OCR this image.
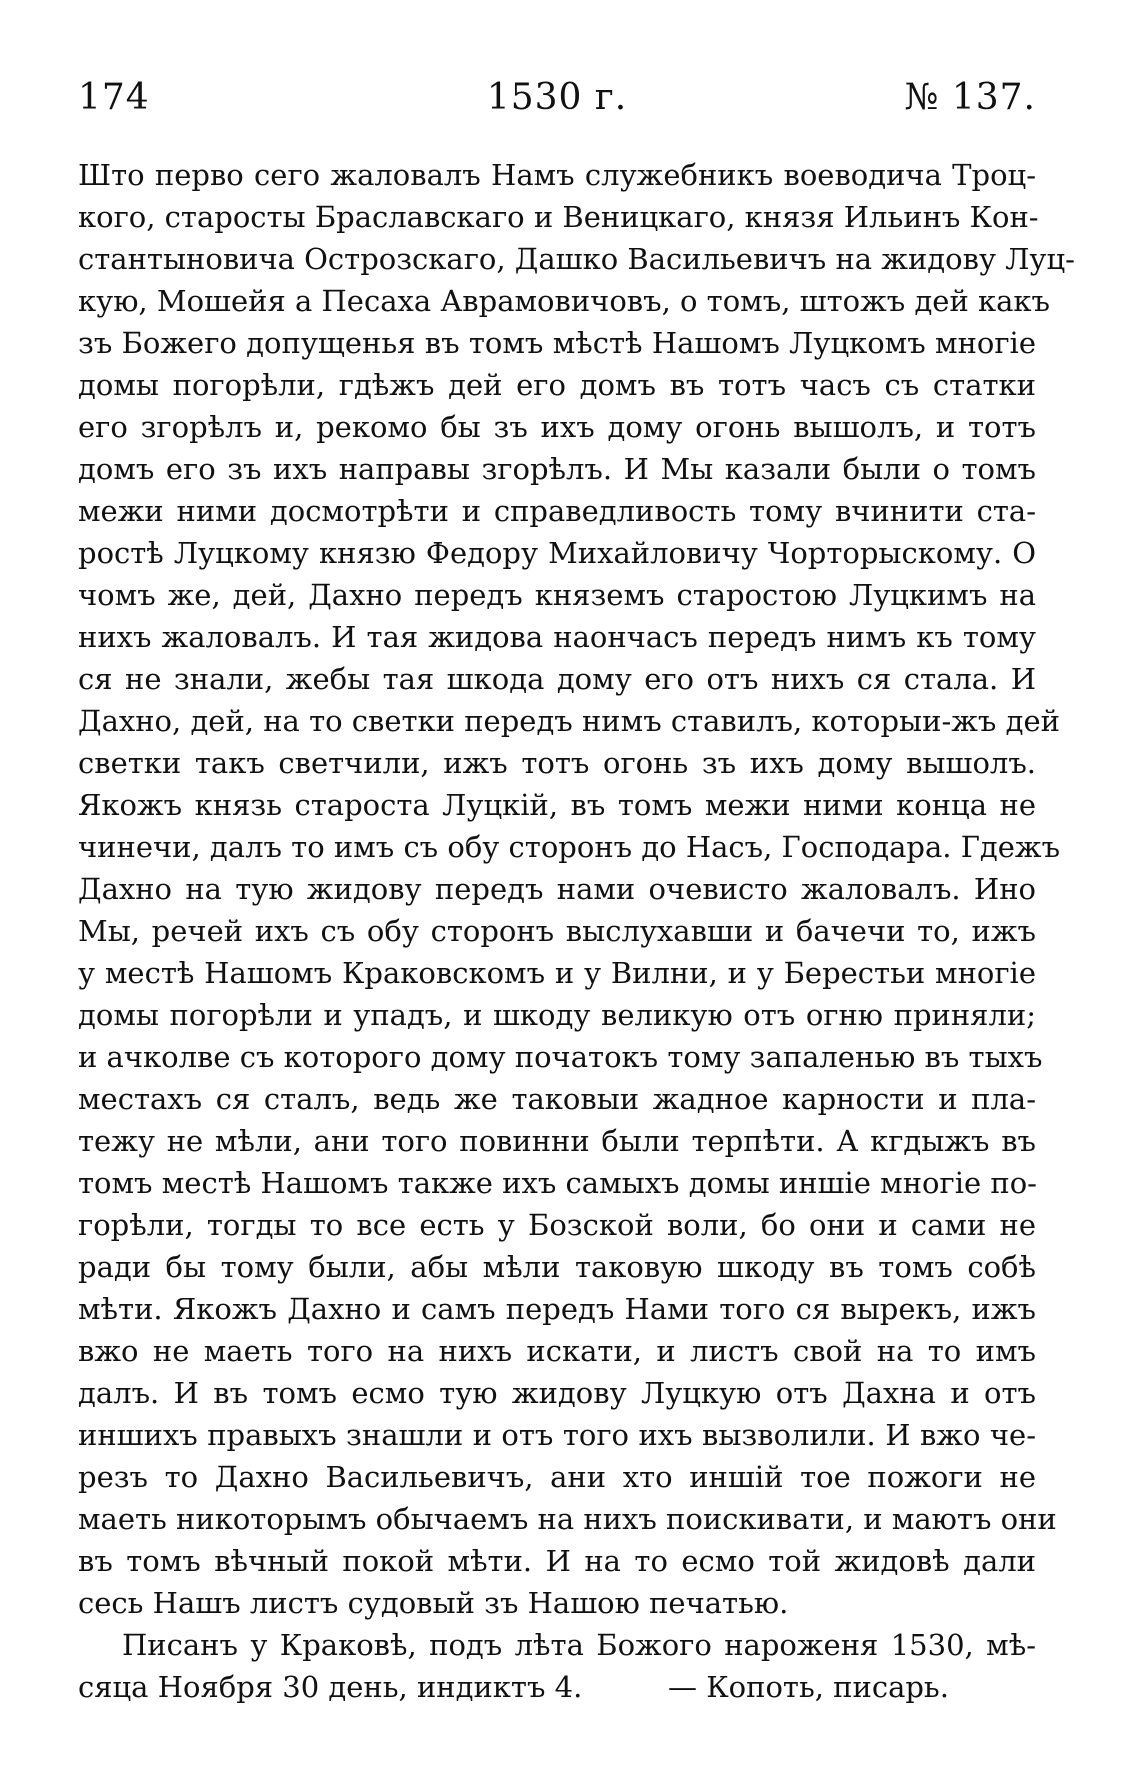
174	1530 г.	№ 137.
Што перво сего жаловалъ Намъ служебникъ воеводича Троц-
кого, старосты Браславскаго и Веницкаго, князя Ильинъ Кон-
стантыновича Острозскаго, Дашко Васильевичъ на жидову Луц-
кую, Мошейя а Песаха Аврамовичовъ, о томъ, штожъ дей какъ
зъ Божего допущенья въ томъ мѣстѣ Нашомъ Луцкомъ многіе
домы погорѣли, гдѣжъ дей его домъ въ тотъ часъ съ статки
его згорѣлъ и, рекомо бы зъ ихъ дому огонь вышолъ, и тотъ
домъ его зъ ихъ направы згорѣлъ. И Мы казали были о томъ
межи ними досмотрѣти и справедливость тому вчинити ста-
ростѣ Луцкому князю Федору Михайловичу Чорторыскому. О
чомъ же, дей, Дахно передъ княземъ старостою Луцкимъ на
нихъ жаловалъ. И тая жидова наончасъ передъ нимъ къ тому
ся не знали, жебы тая шкода дому его отъ нихъ ся стала. И
Дахно, дей, на то светки передъ нимъ ставилъ, которыи-жъ дей
светки такъ светчили, ижъ тотъ огонь зъ ихъ дому вышолъ.
Якожъ князь староста Луцкій, въ томъ межи ними конца не
чинечи, далъ то имъ съ обу сторонъ до Насъ, Господара. Гдежъ
Дахно на тую жидову передъ нами очевисто жаловалъ. Ино
Мы, речей ихъ съ обу сторонъ выслухавши и бачечи то, ижъ
у местѣ Нашомъ Краковскомъ и у Вилни, и у Берестьи многіе
домы погорѣли и упадъ, и шкоду великую отъ огню приняли;
и ачколве съ которого дому початокъ тому запаленью въ тыхъ
местахъ ся сталъ, ведь же таковыи жадное карности и пла-
тежу не мѣли, ани того повинни были терпѣти. А кгдыжъ въ
томъ местѣ Нашомъ также ихъ самыхъ домы иншіе многіе по-
горѣли, тогды то все есть у Бозской воли, бо они и сами не
ради бы тому были, абы мѣли таковую шкоду въ томъ собѣ
мѣти. Якожъ Дахно и самъ передъ Нами того ся вырекъ, ижъ
вжо не маеть того на нихъ искати, и листъ свой на то имъ
далъ. И въ томъ есмо тую жидову Луцкую отъ Дахна и отъ
иншихъ правыхъ знашли и отъ того ихъ вызволили. И вжо че-
резъ то Дахно Васильевичъ, ани хто иншій тое пожоги не
маеть никоторымъ обычаемъ на нихъ поискивати, и маютъ они
въ томъ вѣчный покой мѣти. И на то есмо той жидовѣ дали
сесь Нашъ листъ судовый зъ Нашою печатью.
Писанъ у Краковѣ, подъ лѣта Божого нароженя 1530, мѣ-
сяца Ноября 30 день, индиктъ 4.	— Копоть, писарь.
